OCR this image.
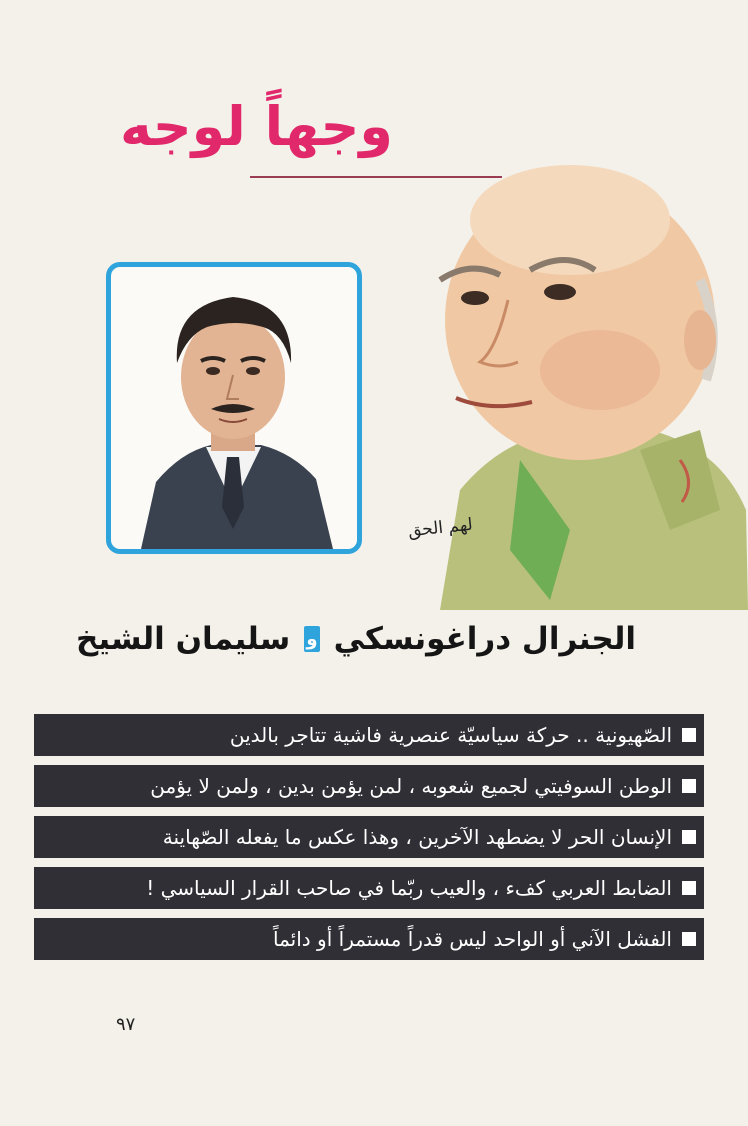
وجهاً لوجه
لهم الحق
الجنرال دراغونسكي
و
سليمان الشيخ
الصّهيونية .. حركة سياسيّة عنصرية فاشية تتاجر بالدين
الوطن السوفيتي لجميع شعوبه ، لمن يؤمن بدين ، ولمن لا يؤمن
الإنسان الحر لا يضطهد الآخرين ، وهذا عكس ما يفعله الصّهاينة
الضابط العربي كفء ، والعيب ربّما في صاحب القرار السياسي !
الفشل الآني أو الواحد ليس قدراً مستمراً أو دائماً
٩٧
